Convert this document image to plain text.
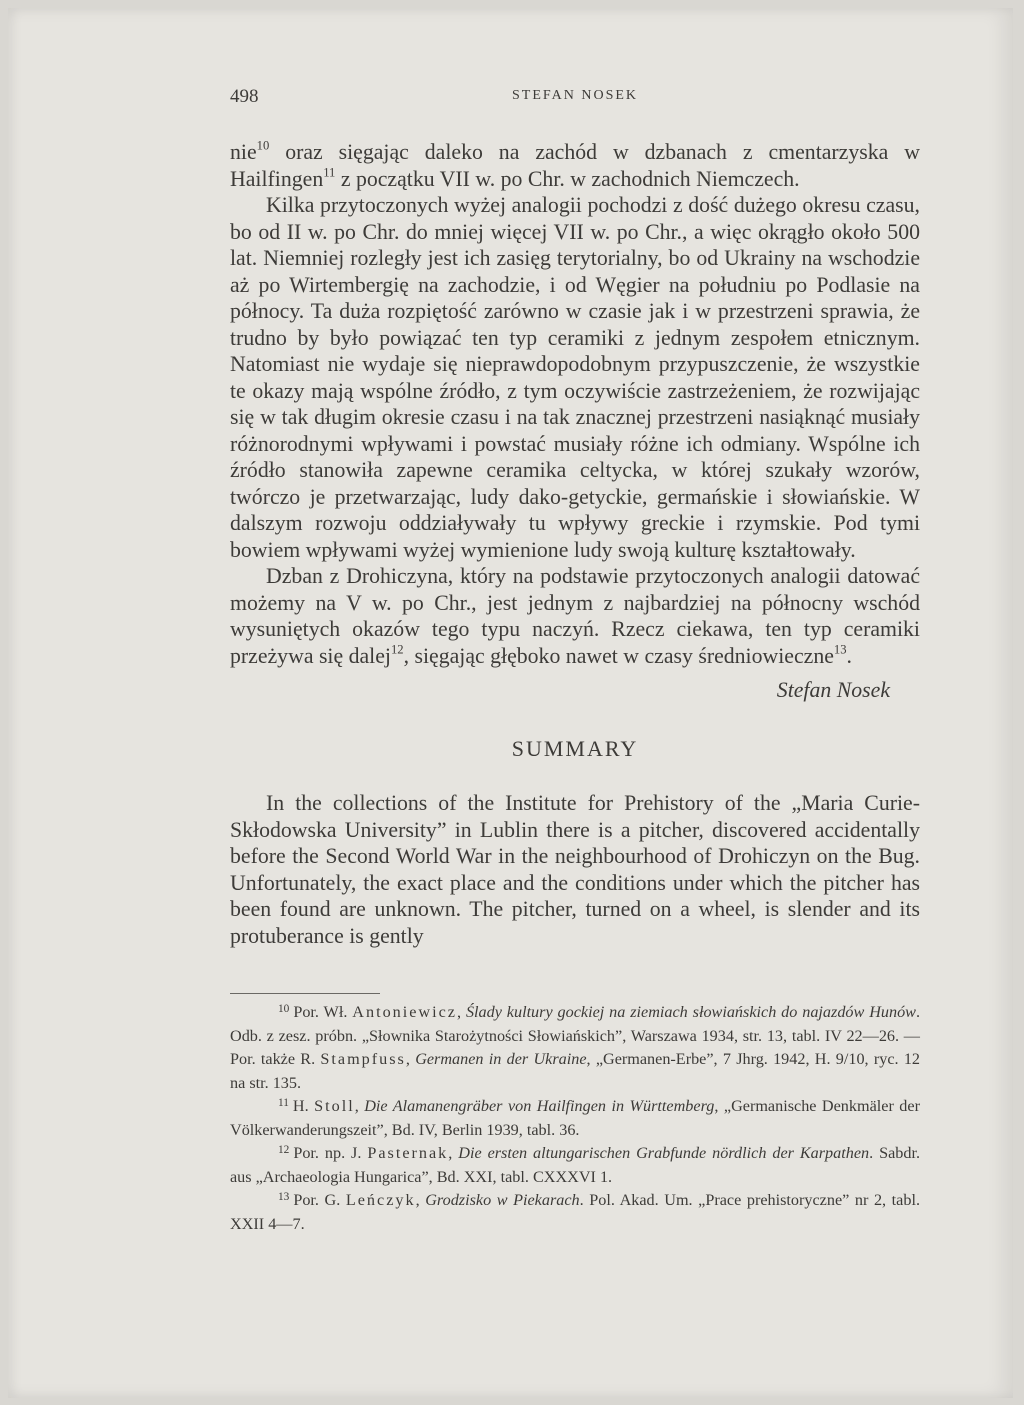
498	STEFAN NOSEK

nie$^{10}$ oraz sięgając daleko na zachód w dzbanach z cmentarzyska w Hailfingen$^{11}$ z początku VII w. po Chr. w zachodnich Niemczech.

Kilka przytoczonych wyżej analogii pochodzi z dość dużego okresu czasu, bo od II w. po Chr. do mniej więcej VII w. po Chr., a więc okrągło około 500 lat. Niemniej rozległy jest ich zasięg terytorialny, bo od Ukrainy na wschodzie aż po Wirtembergię na zachodzie, i od Węgier na południu po Podlasie na północy. Ta duża rozpiętość zarówno w czasie jak i w przestrzeni sprawia, że trudno by było powiązać ten typ ceramiki z jednym zespołem etnicznym. Natomiast nie wydaje się nieprawdopodobnym przypuszczenie, że wszystkie te okazy mają wspólne źródło, z tym oczywiście zastrzeżeniem, że rozwijając się w tak długim okresie czasu i na tak znacznej przestrzeni nasiąknąć musiały różnorodnymi wpływami i powstać musiały różne ich odmiany. Wspólne ich źródło stanowiła zapewne ceramika celtycka, w której szukały wzorów, twórczo je przetwarzając, ludy dako-getyckie, germańskie i słowiańskie. W dalszym rozwoju oddziaływały tu wpływy greckie i rzymskie. Pod tymi bowiem wpływami wyżej wymienione ludy swoją kulturę kształtowały.

Dzban z Drohiczyna, który na podstawie przytoczonych analogii datować możemy na V w. po Chr., jest jednym z najbardziej na północny wschód wysuniętych okazów tego typu naczyń. Rzecz ciekawa, ten typ ceramiki przeżywa się dalej$^{12}$, sięgając głęboko nawet w czasy średniowieczne$^{13}$.

Stefan Nosek

SUMMARY

In the collections of the Institute for Prehistory of the „Maria Curie-Skłodowska University” in Lublin there is a pitcher, discovered accidentally before the Second World War in the neighbourhood of Drohiczyn on the Bug. Unfortunately, the exact place and the conditions under which the pitcher has been found are unknown. The pitcher, turned on a wheel, is slender and its protuberance is gently

$^{10}$ Por. Wł. Antoniewicz, Ślady kultury gockiej na ziemiach słowiańskich do najazdów Hunów. Odb. z zesz. próbn. „Słownika Starożytności Słowiańskich”, Warszawa 1934, str. 13, tabl. IV 22—26. — Por. także R. Stampfuss, Germanen in der Ukraine, „Germanen-Erbe”, 7 Jhrg. 1942, H. 9/10, ryc. 12 na str. 135.

$^{11}$ H. Stoll, Die Alamanengräber von Hailfingen in Württemberg, „Germanische Denkmäler der Völkerwanderungszeit”, Bd. IV, Berlin 1939, tabl. 36.

$^{12}$ Por. np. J. Pasternak, Die ersten altungarischen Grabfunde nördlich der Karpathen. Sabdr. aus „Archaeologia Hungarica”, Bd. XXI, tabl. CXXXVI 1.

$^{13}$ Por. G. Leńczyk, Grodzisko w Piekarach. Pol. Akad. Um. „Prace prehistoryczne” nr 2, tabl. XXII 4—7.
